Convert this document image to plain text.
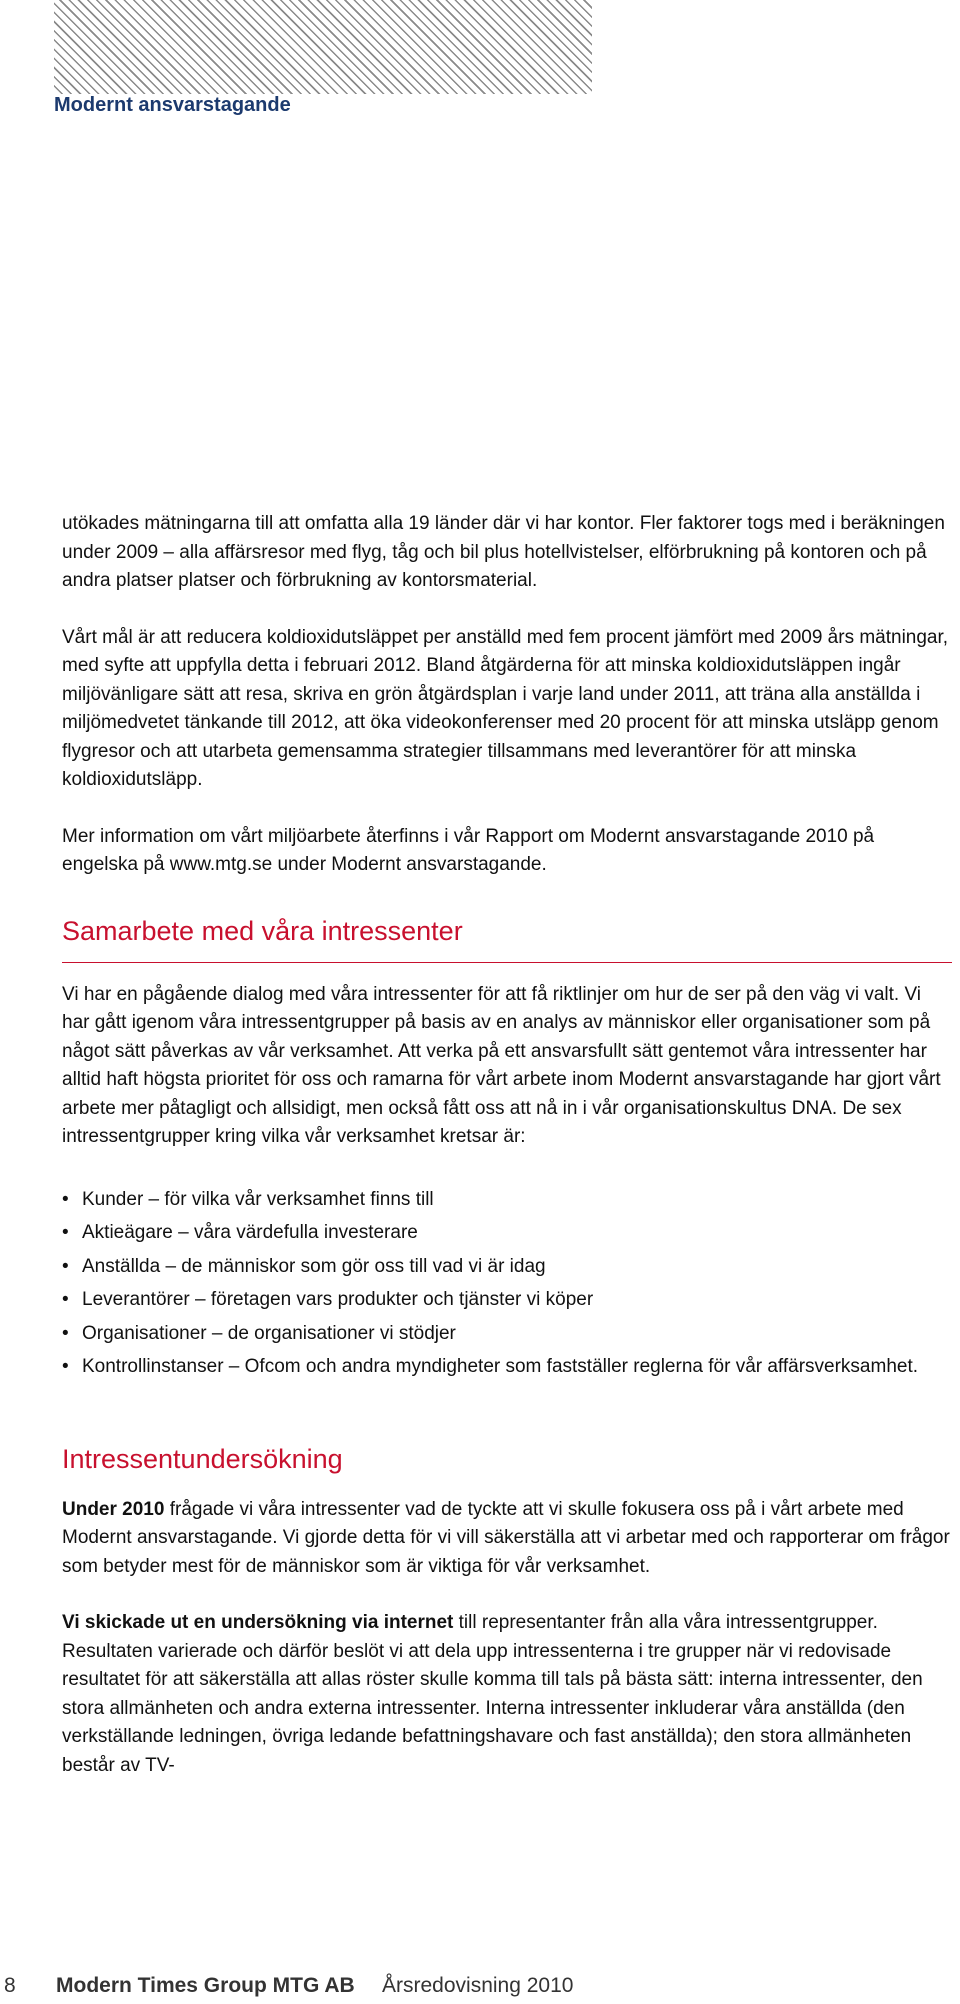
Modernt ansvarstagande

utökades mätningarna till att omfatta alla 19 länder där vi har kontor. Fler faktorer togs med i beräkningen under 2009 – alla affärsresor med flyg, tåg och bil plus hotellvistelser, elförbrukning på kontoren och på andra platser platser och förbrukning av kontorsmaterial.

Vårt mål är att reducera koldioxidutsläppet per anställd med fem procent jämfört med 2009 års mätningar, med syfte att uppfylla detta i februari 2012. Bland åtgärderna för att minska koldioxidutsläppen ingår miljövänligare sätt att resa, skriva en grön åtgärdsplan i varje land under 2011, att träna alla anställda i miljömedvetet tänkande till 2012, att öka videokonferenser med 20 procent för att minska utsläpp genom flygresor och att utarbeta gemensamma strategier tillsammans med leverantörer för att minska koldioxidutsläpp.

Mer information om vårt miljöarbete återfinns i vår Rapport om Modernt ansvarstagande 2010 på engelska på www.mtg.se under Modernt ansvarstagande.

Samarbete med våra intressenter

Vi har en pågående dialog med våra intressenter för att få riktlinjer om hur de ser på den väg vi valt. Vi har gått igenom våra intressentgrupper på basis av en analys av människor eller organisationer som på något sätt påverkas av vår verksamhet. Att verka på ett ansvarsfullt sätt gentemot våra intressenter har alltid haft högsta prioritet för oss och ramarna för vårt arbete inom Modernt ansvarstagande har gjort vårt arbete mer påtagligt och allsidigt, men också fått oss att nå in i vår organisationskultus DNA. De sex intressentgrupper kring vilka vår verksamhet kretsar är:

• Kunder – för vilka vår verksamhet finns till
• Aktieägare – våra värdefulla investerare
• Anställda – de människor som gör oss till vad vi är idag
• Leverantörer – företagen vars produkter och tjänster vi köper
• Organisationer – de organisationer vi stödjer
• Kontrollinstanser – Ofcom och andra myndigheter som fastställer reglerna för vår affärsverksamhet.
Intressentundersökning

Under 2010 frågade vi våra intressenter vad de tyckte att vi skulle fokusera oss på i vårt arbete med Modernt ansvarstagande. Vi gjorde detta för vi vill säkerställa att vi arbetar med och rapporterar om frågor som betyder mest för de människor som är viktiga för vår verksamhet.

Vi skickade ut en undersökning via internet till representanter från alla våra intressentgrupper. Resultaten varierade och därför beslöt vi att dela upp intressenterna i tre grupper när vi redovisade resultatet för att säkerställa att allas röster skulle komma till tals på bästa sätt: interna intressenter, den stora allmänheten och andra externa intressenter. Interna intressenter inkluderar våra anställda (den verkställande ledningen, övriga ledande befattningshavare och fast anställda); den stora allmänheten består av TV-

8 Modern Times Group MTG AB Årsredovisning 2010
